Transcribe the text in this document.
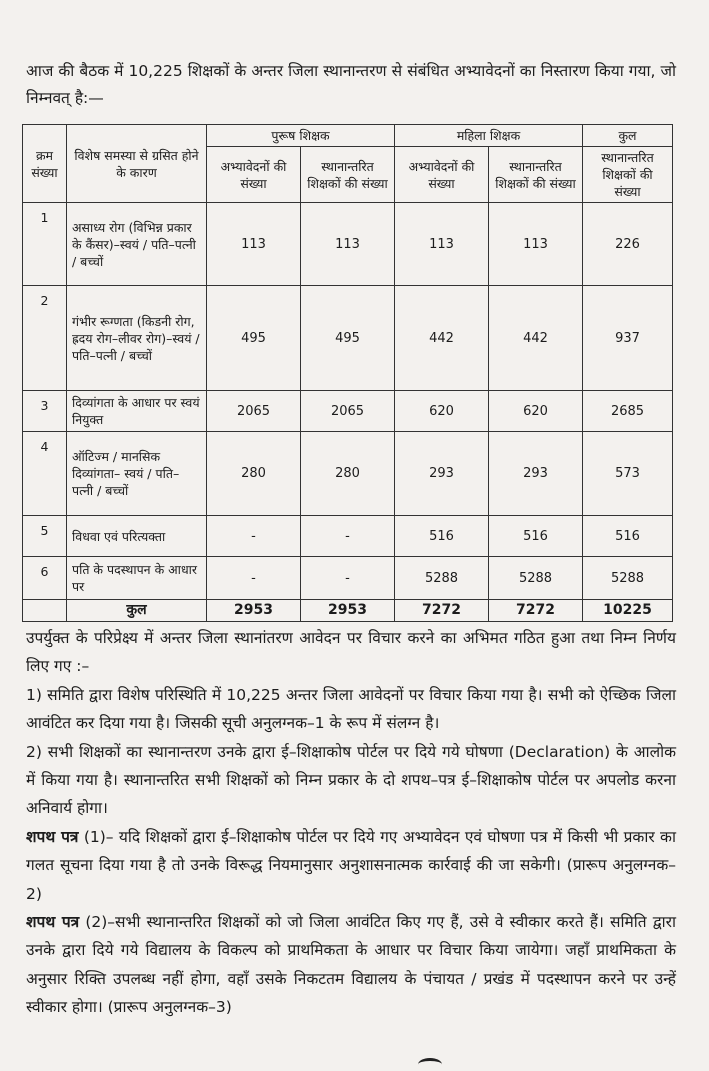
आज की बैठक में 10,225 शिक्षकों के अन्तर जिला स्थानान्तरण से संबंधित अभ्यावेदनों का निस्तारण किया गया, जो निम्नवत् है:—
क्रम संख्या	विशेष समस्या से ग्रसित होने के कारण	पुरूष शिक्षक		महिला शिक्षक		कुल
		अभ्यावेदनों की संख्या	स्थानान्तरित शिक्षकों की संख्या	अभ्यावेदनों की संख्या	स्थानान्तरित शिक्षकों की संख्या	स्थानान्तरित शिक्षकों की संख्या
1	असाध्य रोग (विभिन्न प्रकार के कैंसर)–स्वयं / पति–पत्नी / बच्चों	113	113	113	113	226
2	गंभीर रूग्णता (किडनी रोग, ह्रदय रोग–लीवर रोग)–स्वयं / पति–पत्नी / बच्चों	495	495	442	442	937
3	दिव्यांगता के आधार पर स्वयं नियुक्त	2065	2065	620	620	2685
4	ऑटिज्म / मानसिक दिव्यांगता– स्वयं / पति– पत्नी / बच्चों	280	280	293	293	573
5	विधवा एवं परित्यक्ता	-	-	516	516	516
6	पति के पदस्थापन के आधार पर	-	-	5288	5288	5288
	कुल	2953	2953	7272	7272	10225

उपर्युक्त के परिप्रेक्ष्य में अन्तर जिला स्थानांतरण आवेदन पर विचार करने का अभिमत गठित हुआ तथा निम्न निर्णय लिए गए :–

1) समिति द्वारा विशेष परिस्थिति में 10,225 अन्तर जिला आवेदनों पर विचार किया गया है। सभी को ऐच्छिक जिला आवंटित कर दिया गया है। जिसकी सूची अनुलग्नक–1 के रूप में संलग्न है।

2) सभी शिक्षकों का स्थानान्तरण उनके द्वारा ई–शिक्षाकोष पोर्टल पर दिये गये घोषणा (Declaration) के आलोक में किया गया है। स्थानान्तरित सभी शिक्षकों को निम्न प्रकार के दो शपथ–पत्र ई–शिक्षाकोष पोर्टल पर अपलोड करना अनिवार्य होगा।

शपथ पत्र (1)– यदि शिक्षकों द्वारा ई–शिक्षाकोष पोर्टल पर दिये गए अभ्यावेदन एवं घोषणा पत्र में किसी भी प्रकार का गलत सूचना दिया गया है तो उनके विरूद्ध नियमानुसार अनुशासनात्मक कार्रवाई की जा सकेगी। (प्रारूप अनुलग्नक–2)

शपथ पत्र (2)–सभी स्थानान्तरित शिक्षकों को जो जिला आवंटित किए गए हैं, उसे वे स्वीकार करते हैं। समिति द्वारा उनके द्वारा दिये गये विद्यालय के विकल्प को प्राथमिकता के आधार पर विचार किया जायेगा। जहाँ प्राथमिकता के अनुसार रिक्ति उपलब्ध नहीं होगा, वहाँ उसके निकटतम विद्यालय के पंचायत / प्रखंड में पदस्थापन करने पर उन्हें स्वीकार होगा। (प्रारूप अनुलग्नक–3)
